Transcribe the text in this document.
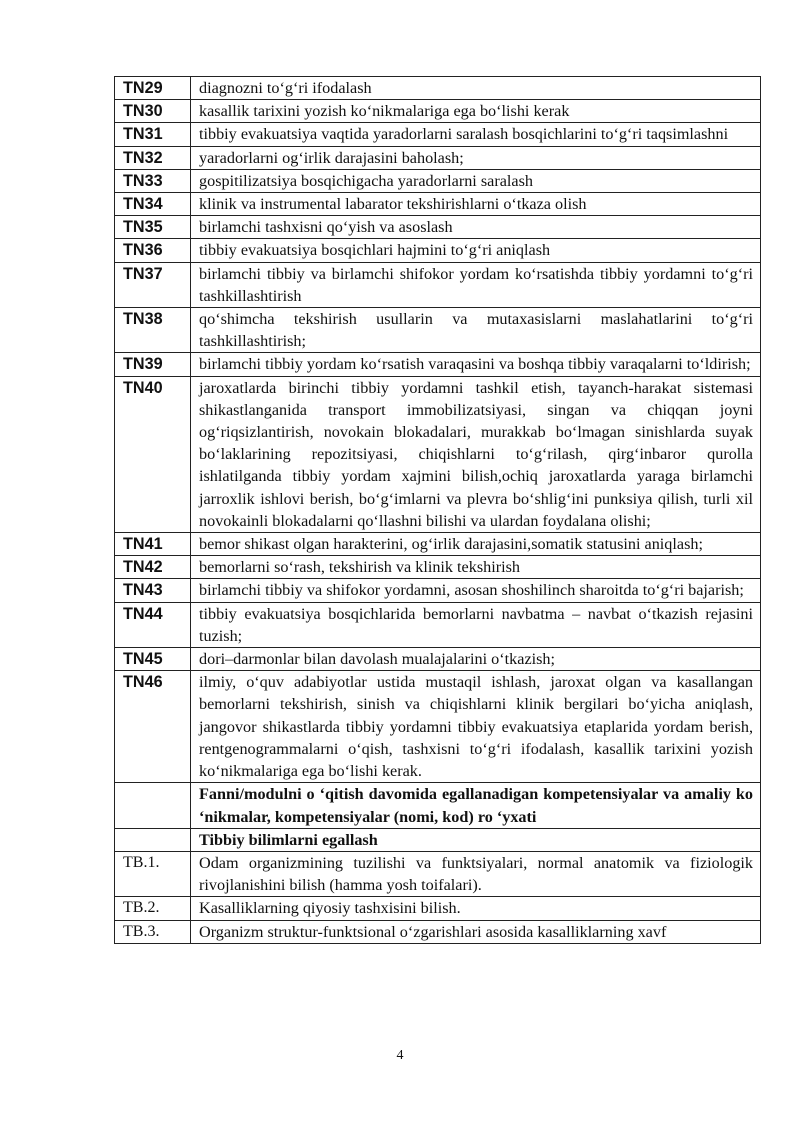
TN29	diagnozni to‘g‘ri ifodalash
TN30	kasallik tarixini yozish ko‘nikmalariga ega bo‘lishi kerak
TN31	tibbiy evakuatsiya vaqtida yaradorlarni saralash bosqichlarini to‘g‘ri taqsimlashni
TN32	yaradorlarni og‘irlik darajasini baholash;
TN33	gospitilizatsiya bosqichigacha yaradorlarni saralash
TN34	klinik va instrumental labarator tekshirishlarni o‘tkaza olish
TN35	birlamchi tashxisni qo‘yish va asoslash
TN36	tibbiy evakuatsiya bosqichlari hajmini to‘g‘ri aniqlash
TN37	birlamchi tibbiy va birlamchi shifokor yordam ko‘rsatishda tibbiy yordamni to‘g‘ri tashkillashtirish
TN38	qo‘shimcha tekshirish usullarin va mutaxasislarni maslahatlarini to‘g‘ri tashkillashtirish;
TN39	birlamchi tibbiy yordam ko‘rsatish varaqasini va boshqa tibbiy varaqalarni to‘ldirish;
TN40	jaroxatlarda birinchi tibbiy yordamni tashkil etish, tayanch-harakat sistemasi shikastlanganida transport immobilizatsiyasi, singan va chiqqan joyni og‘riqsizlantirish, novokain blokadalari, murakkab bo‘lmagan sinishlarda suyak bo‘laklarining repozitsiyasi, chiqishlarni to‘g‘rilash, qirg‘inbaror qurolla ishlatilganda tibbiy yordam xajmini bilish,ochiq jaroxatlarda yaraga birlamchi jarroxlik ishlovi berish, bo‘g‘imlarni va plevra bo‘shlig‘ini punksiya qilish, turli xil novokainli blokadalarni qo‘llashni bilishi va ulardan foydalana olishi;
TN41	bemor shikast olgan harakterini, og‘irlik darajasini,somatik statusini aniqlash;
TN42	bemorlarni so‘rash, tekshirish va klinik tekshirish
TN43	birlamchi tibbiy va shifokor yordamni, asosan shoshilinch sharoitda to‘g‘ri bajarish;
TN44	tibbiy evakuatsiya bosqichlarida bemorlarni navbatma – navbat o‘tkazish rejasini tuzish;
TN45	dori–darmonlar bilan davolash mualajalarini o‘tkazish;
TN46	ilmiy, o‘quv adabiyotlar ustida mustaqil ishlash, jaroxat olgan va kasallangan bemorlarni tekshirish, sinish va chiqishlarni klinik bergilari bo‘yicha aniqlash, jangovor shikastlarda tibbiy yordamni tibbiy evakuatsiya etaplarida yordam berish, rentgenogrammalarni o‘qish, tashxisni to‘g‘ri ifodalash, kasallik tarixini yozish ko‘nikmalariga ega bo‘lishi kerak.
	Fanni/modulni o ‘qitish davomida egallanadigan kompetensiyalar va amaliy ko ‘nikmalar, kompetensiyalar (nomi, kod) ro ‘yxati
	Tibbiy bilimlarni egallash
TB.1.	Odam organizmining tuzilishi va funktsiyalari, normal anatomik va fiziologik rivojlanishini bilish (hamma yosh toifalari).
TB.2.	Kasalliklarning qiyosiy tashxisini bilish.
TB.3.	Organizm struktur-funktsional o‘zgarishlari asosida kasalliklarning xavf
4
